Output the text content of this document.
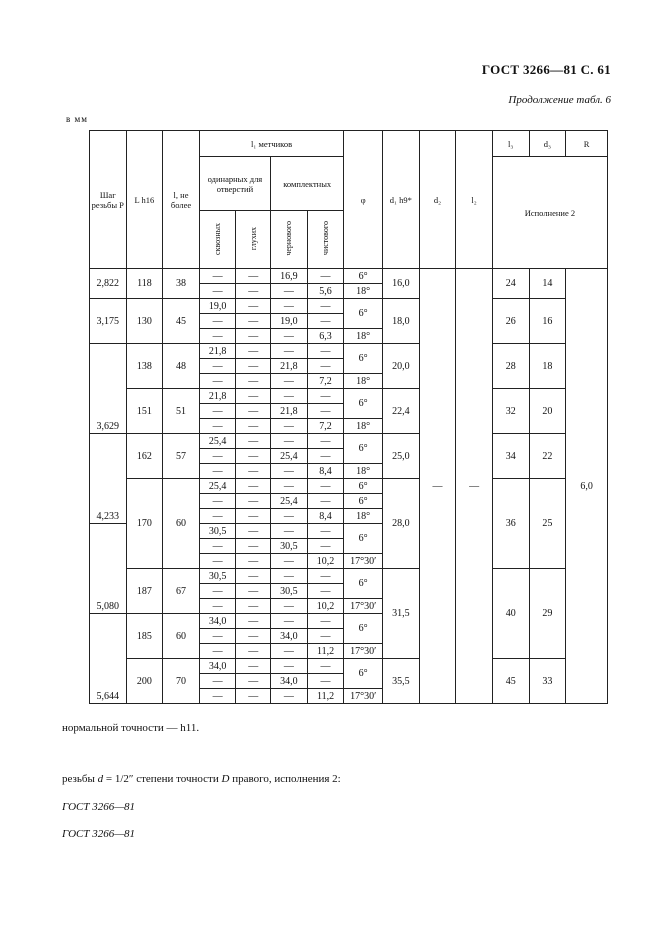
ГОСТ 3266—81 С. 61
Продолжение табл. 6
в мм
	Шаг резьбы P	L h16	l, не более	l₁ метчиков				φ	d₁ h9*	d₂	l₂	l₃	d₃	R
				одинарных для отверстий		комплектных						Исполнение 2		
				сквозных	глухих	чернового	чистового							

	2,822	118	38	—	—	16,9	—	6°	16,0	—	—	24	14	6,0
				—	—	—	5,6	18°						
	3,175	130	45	19,0	—	—	—	6°	18,0			26	16	
				—	—	19,0	—							
				—	—	—	6,3	18°						
	3,629	138	48	21,8	—	—	—	6°	20,0			28	18	
				—	—	21,8	—							
				—	—	—	7,2	18°						
		151	51	21,8	—	—	—	6°	22,4			32	20	
				—	—	21,8	—							
				—	—	—	7,2	18°						
	4,233	162	57	25,4	—	—	—	6°	25,0			34	22	
				—	—	25,4	—							
				—	—	—	8,4	18°						
		170	60	25,4	—	—	—	6°	28,0			36	25	
				—	—	25,4	—	6°						
				—	—	—	8,4	18°						
	5,080			30,5	—	—	—	6°						
				—	—	30,5	—							
				—	—	—	10,2	17°30′						
		187	67	30,5	—	—	—	6°	31,5			40	29	
				—	—	30,5	—							
				—	—	—	10,2	17°30′						
	5,644	185	60	34,0	—	—	—	6°						
				—	—	34,0	—							
				—	—	—	11,2	17°30′						
		200	70	34,0	—	—	—	6°	35,5			45	33	
				—	—	34,0	—							
				—	—	—	11,2	17°30′						
нормальной точности — h11.
резьбы d = 1/2″ степени точности D правого, исполнения 2:
ГОСТ 3266—81
ГОСТ 3266—81
